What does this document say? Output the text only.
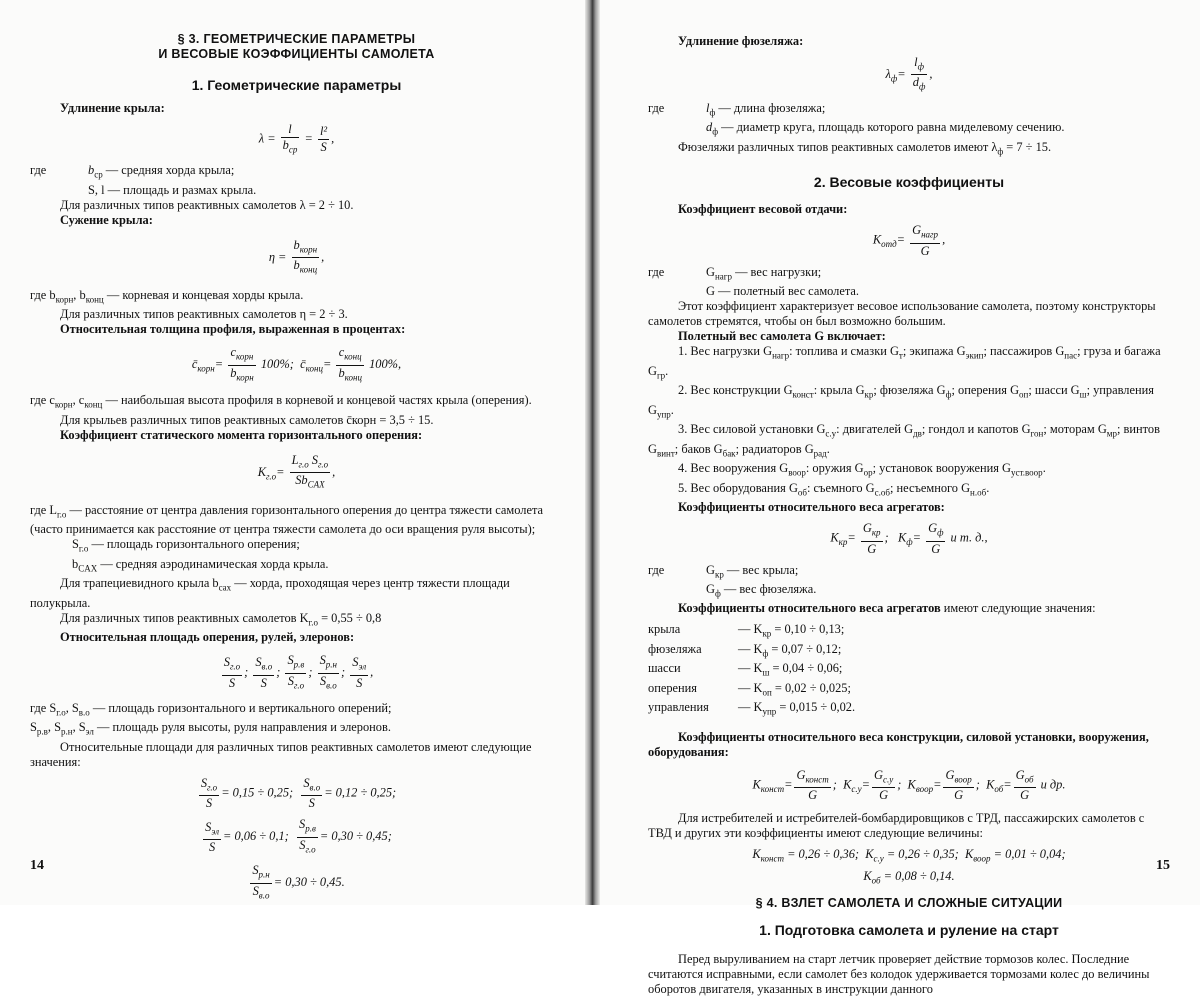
§ 3. ГЕОМЕТРИЧЕСКИЕ ПАРАМЕТРЫ
И ВЕСОВЫЕ КОЭФФИЦИЕНТЫ САМОЛЕТА
1. Геометрические параметры

Удлинение крыла:

λ =
l
$b_{ср}$
= $\frac{\text{l²}}{S}$ ,
где	$b_{ср}$ — средняя хорда крыла;
S, l — площадь и размах крыла.

Для различных типов реактивных самолетов λ = 2 ÷ 10.

Сужение крыла:

η =
$b_{корн}$
$b_{конц}$
,

где $b_{корн}$, $b_{конц}$ — корневая и концевая хорды крыла.

Для различных типов реактивных самолетов η = 2 ÷ 3.

Относительная толщина профиля, выраженная в процентах:

$c̄_{корн}=$
$c_{корн}$
$b_{корн}$
100%; $c̄_{конц}=$
$c_{конц}$
$b_{конц}$
100%,

где $c_{корн}$, $c_{конц}$ — наибольшая высота профиля в корневой и концевой частях крыла (оперения).

Для крыльев различных типов реактивных самолетов c̄корн = 3,5 ÷ 15.

Коэффициент статического момента горизонтального оперения:

$K_{г.о}=$
$L_{г.о}$ $S_{г.о}$
$Sb_{CAX}$
,

где $L_{г.о}$ — расстояние от центра давления горизонтального оперения до центра тяжести самолета (часто принимается как расстояние от центра тяжести самолета до оси вращения руля высоты);

$S_{г.о}$ — площадь горизонтального оперения;

$b_{CAX}$ — средняя аэродинамическая хорда крыла.

Для трапециевидного крыла $b_{cax}$ — хорда, проходящая через центр тяжести площади полукрыла.

Для различных типов реактивных самолетов $K_{г.о} = 0,55 \div 0,8$

Относительная площадь оперения, рулей, элеронов:

$S_{г.о}$
S
;
$S_{в.о}$
S
;
$S_{р.в}$
$S_{г.о}$
;
$S_{р.н}$
$S_{в.о}$
;
$S_{эл}$
S
,

где $S_{г.о}$, $S_{в.о}$ — площадь горизонтального и вертикального оперений;

$S_{р.в}$, $S_{р.н}$, $S_{эл}$ — площадь руля высоты, руля направления и элеронов.

Относительные площади для различных типов реактивных самолетов имеют следующие значения:

$S_{г.о}$
S
= 0,15 ÷ 0,25;
$S_{в.о}$
S
= 0,12 ÷ 0,25;
$S_{эл}$
S
= 0,06 ÷ 0,1;
$S_{р.в}$
$S_{г.о}$
= 0,30 ÷ 0,45;
$S_{р.н}$
$S_{в.о}$
= 0,30 ÷ 0,45.
14

Удлинение фюзеляжа:

$\lambda_ф=$
$l_ф$
$d_ф$
,
где	$l_ф$ — длина фюзеляжа;
$d_ф$ — диаметр круга, площадь которого равна миделевому сечению.

Фюзеляжи различных типов реактивных самолетов имеют $\lambda_ф = 7 \div 15$.

2. Весовые коэффициенты

Коэффициент весовой отдачи:

$K_{отд}=$
$G_{нагр}$
G
,
где	$G_{нагр}$ — вес нагрузки;
G — полетный вес самолета.

Этот коэффициент характеризует весовое использование самолета, поэтому конструкторы самолетов стремятся, чтобы он был возможно большим.

Полетный вес самолета G включает:

1. Вес нагрузки $G_{нагр}$: топлива и смазки $G_т$; экипажа $G_{экип}$; пассажиров $G_{пас}$; груза и багажа $G_{гр}$.

2. Вес конструкции $G_{конст}$: крыла $G_{кр}$; фюзеляжа $G_ф$; оперения $G_{оп}$; шасси $G_ш$; управления $G_{упр}$.

3. Вес силовой установки $G_{с.у}$: двигателей $G_{дв}$; гондол и капотов $G_{гон}$; моторам $G_{мр}$; винтов $G_{винт}$; баков $G_{бак}$; радиаторов $G_{рад}$.

4. Вес вооружения $G_{воор}$: оружия $G_{ор}$; установок вооружения $G_{уст.воор}$.

5. Вес оборудования $G_{об}$: съемного $G_{с.об}$; несъемного $G_{н.об}$.

Коэффициенты относительного веса агрегатов:

$K_{кр}=$
$G_{кр}$
G
; $K_ф=$
$G_ф$
G
и т. д.,
где	$G_{кр}$ — вес крыла;
$G_ф$ — вес фюзеляжа.

Коэффициенты относительного веса агрегатов имеют следующие значения:

крыла	— $K_{кр} = 0,10 \div 0,13$;
фюзеляжа	— $K_ф = 0,07 \div 0,12$;
шасси	— $K_ш = 0,04 \div 0,06$;
оперения	— $K_{оп} = 0,02 \div 0,025$;
управления	— $K_{упр} = 0,015 \div 0,02$.

Коэффициенты относительного веса конструкции, силовой установки, вооружения, оборудования:

$K_{конст}=$
$G_{конст}$
G
; $K_{с.у}=$
$G_{с.у}$
G
; $K_{воор}=$
$G_{воор}$
G
; $K_{об}=$
$G_{об}$
G
и др.

Для истребителей и истребителей-бомбардировщиков с ТРД, пассажирских самолетов с ТВД и других эти коэффициенты имеют следующие величины:

$K_{конст} = 0,26 \div 0,36$; $K_{с.у} = 0,26 \div 0,35$; $K_{воор} = 0,01 \div 0,04$;
$K_{об} = 0,08 \div 0,14$.
§ 4. ВЗЛЕТ САМОЛЕТА И СЛОЖНЫЕ СИТУАЦИИ
1. Подготовка самолета и руление на старт

Перед выруливанием на старт летчик проверяет действие тормозов колес. Последние считаются исправными, если самолет без колодок удерживается тормозами колес до величины оборотов двигателя, указанных в инструкции данного

15
